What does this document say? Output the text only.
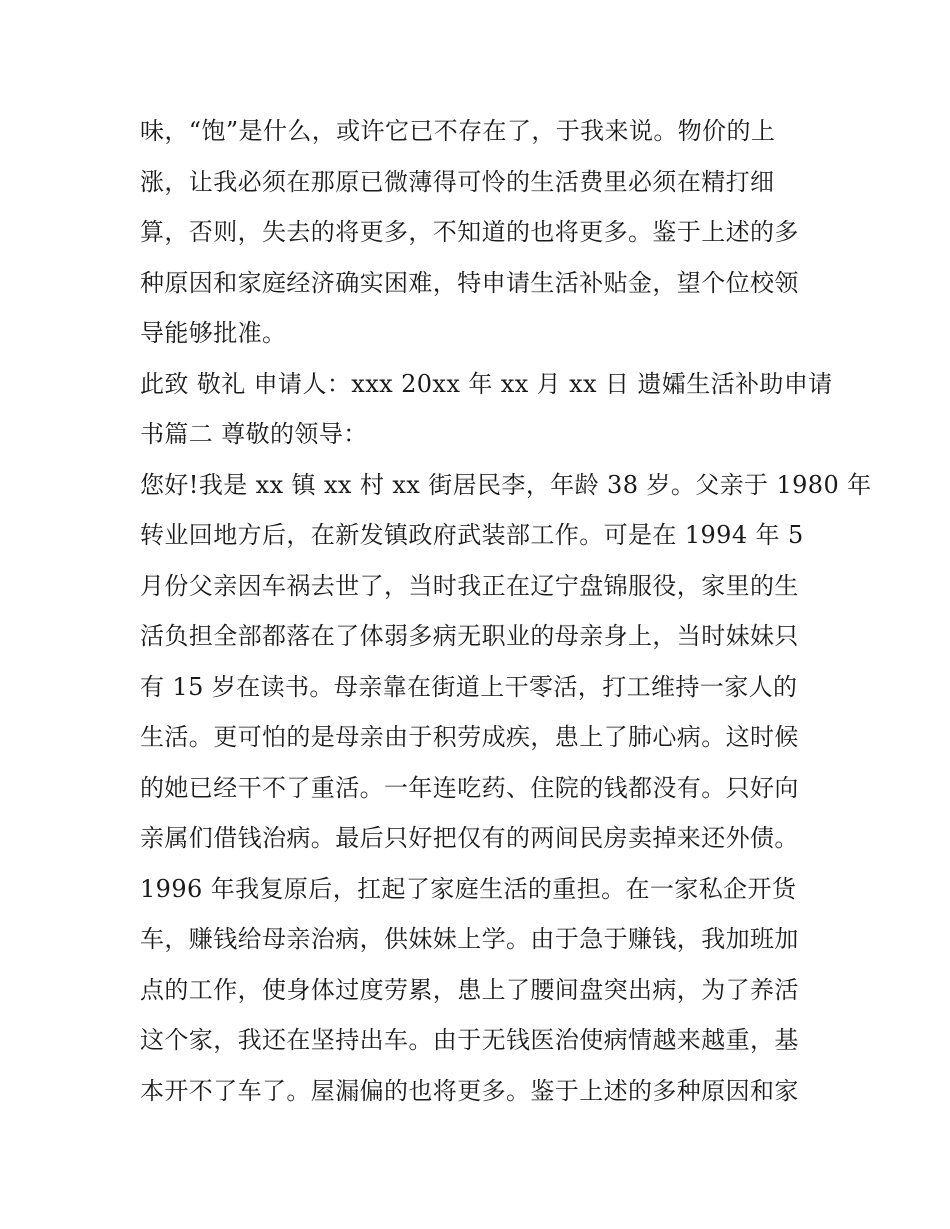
味，“饱”是什么，或许它已不存在了，于我来说。物价的上
涨，让我必须在那原已微薄得可怜的生活费里必须在精打细
算，否则，失去的将更多，不知道的也将更多。鉴于上述的多
种原因和家庭经济确实困难，特申请生活补贴金，望个位校领
导能够批准。
此致 敬礼 申请人：xxx 20xx 年 xx 月 xx 日 遗孀生活补助申请
书篇二 尊敬的领导：
您好!我是 xx 镇 xx 村 xx 街居民李，年龄 38 岁。父亲于 1980 年
转业回地方后，在新发镇政府武装部工作。可是在 1994 年 5
月份父亲因车祸去世了，当时我正在辽宁盘锦服役，家里的生
活负担全部都落在了体弱多病无职业的母亲身上，当时妹妹只
有 15 岁在读书。母亲靠在街道上干零活，打工维持一家人的
生活。更可怕的是母亲由于积劳成疾，患上了肺心病。这时候
的她已经干不了重活。一年连吃药、住院的钱都没有。只好向
亲属们借钱治病。最后只好把仅有的两间民房卖掉来还外债。
1996 年我复原后，扛起了家庭生活的重担。在一家私企开货
车，赚钱给母亲治病，供妹妹上学。由于急于赚钱，我加班加
点的工作，使身体过度劳累，患上了腰间盘突出病，为了养活
这个家，我还在坚持出车。由于无钱医治使病情越来越重，基
本开不了车了。屋漏偏的也将更多。鉴于上述的多种原因和家
